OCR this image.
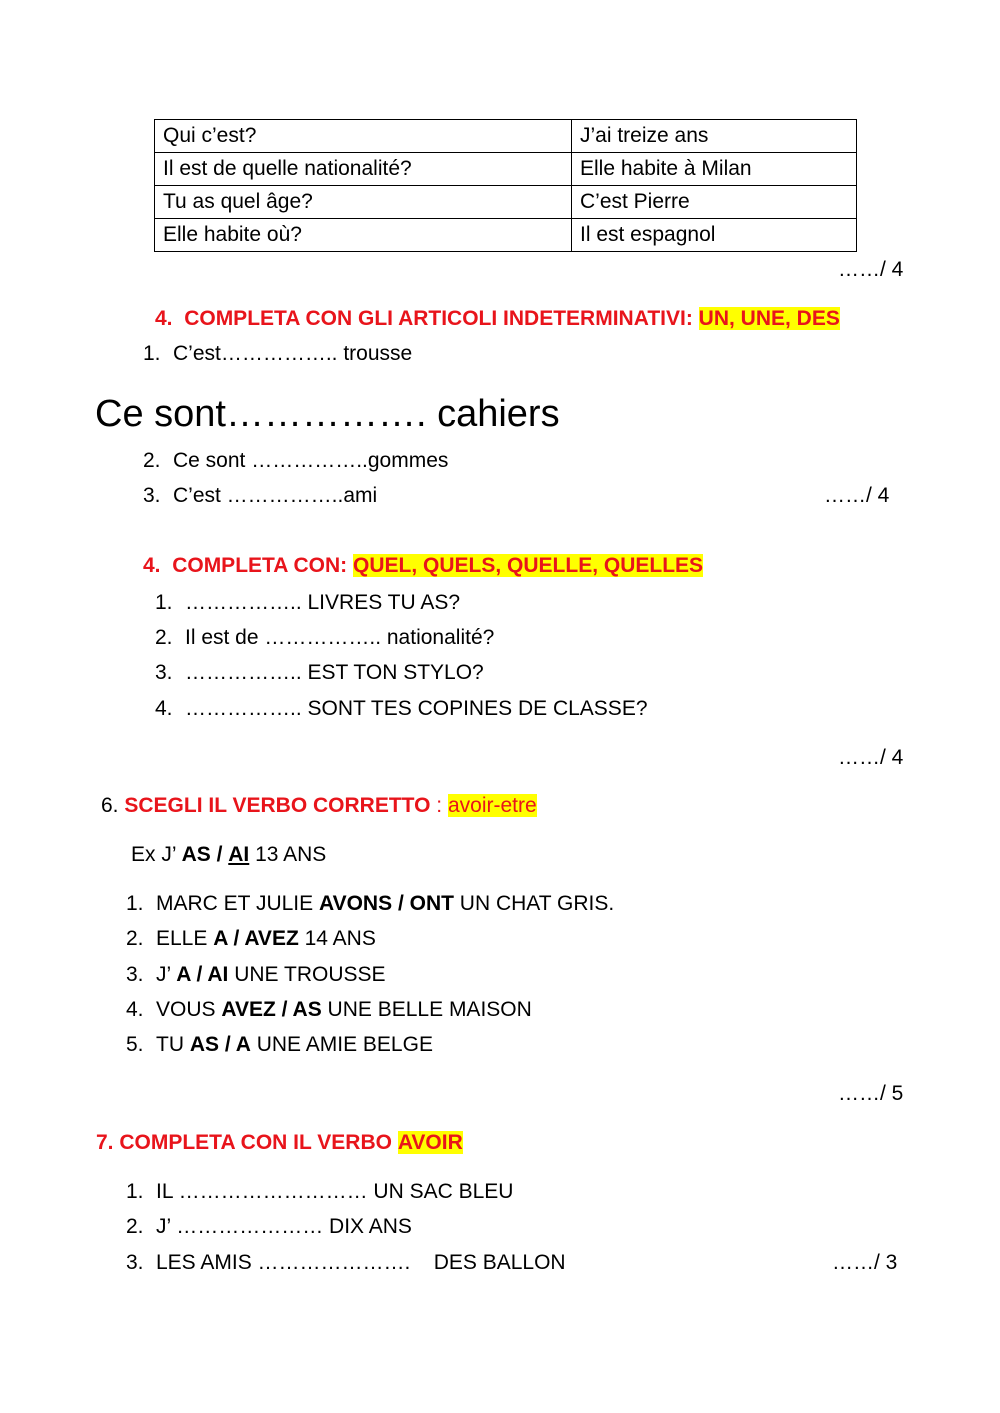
Qui c’est?	J’ai treize ans
Il est de quelle nationalité?	Elle habite à Milan
Tu as quel âge?	C’est Pierre
Elle habite où?	Il est espagnol
……/ 4
4. COMPLETA CON GLI ARTICOLI INDETERMINATIVI: UN, UNE, DES
1. C’est…………….. trousse
Ce sont……………. cahiers
2. Ce sont ……………..gommes
3. C’est ……………..ami	……/ 4
4. COMPLETA CON: QUEL, QUELS, QUELLE, QUELLES
1. …………….. LIVRES TU AS?
2. Il est de …………….. nationalité?
3. …………….. EST TON STYLO?
4. …………….. SONT TES COPINES DE CLASSE?
……/ 4
6. SCEGLI IL VERBO CORRETTO : avoir-etre
Ex J’ AS / AI 13 ANS
1. MARC ET JULIE AVONS / ONT UN CHAT GRIS.
2. ELLE A / AVEZ 14 ANS
3. J’ A / AI UNE TROUSSE
4. VOUS AVEZ / AS UNE BELLE MAISON
5. TU AS / A UNE AMIE BELGE
……/ 5
7. COMPLETA CON IL VERBO AVOIR
1. IL ……………………… UN SAC BLEU
2. J’ ………………… DIX ANS
3. LES AMIS ………………….    DES BALLON	……/ 3
